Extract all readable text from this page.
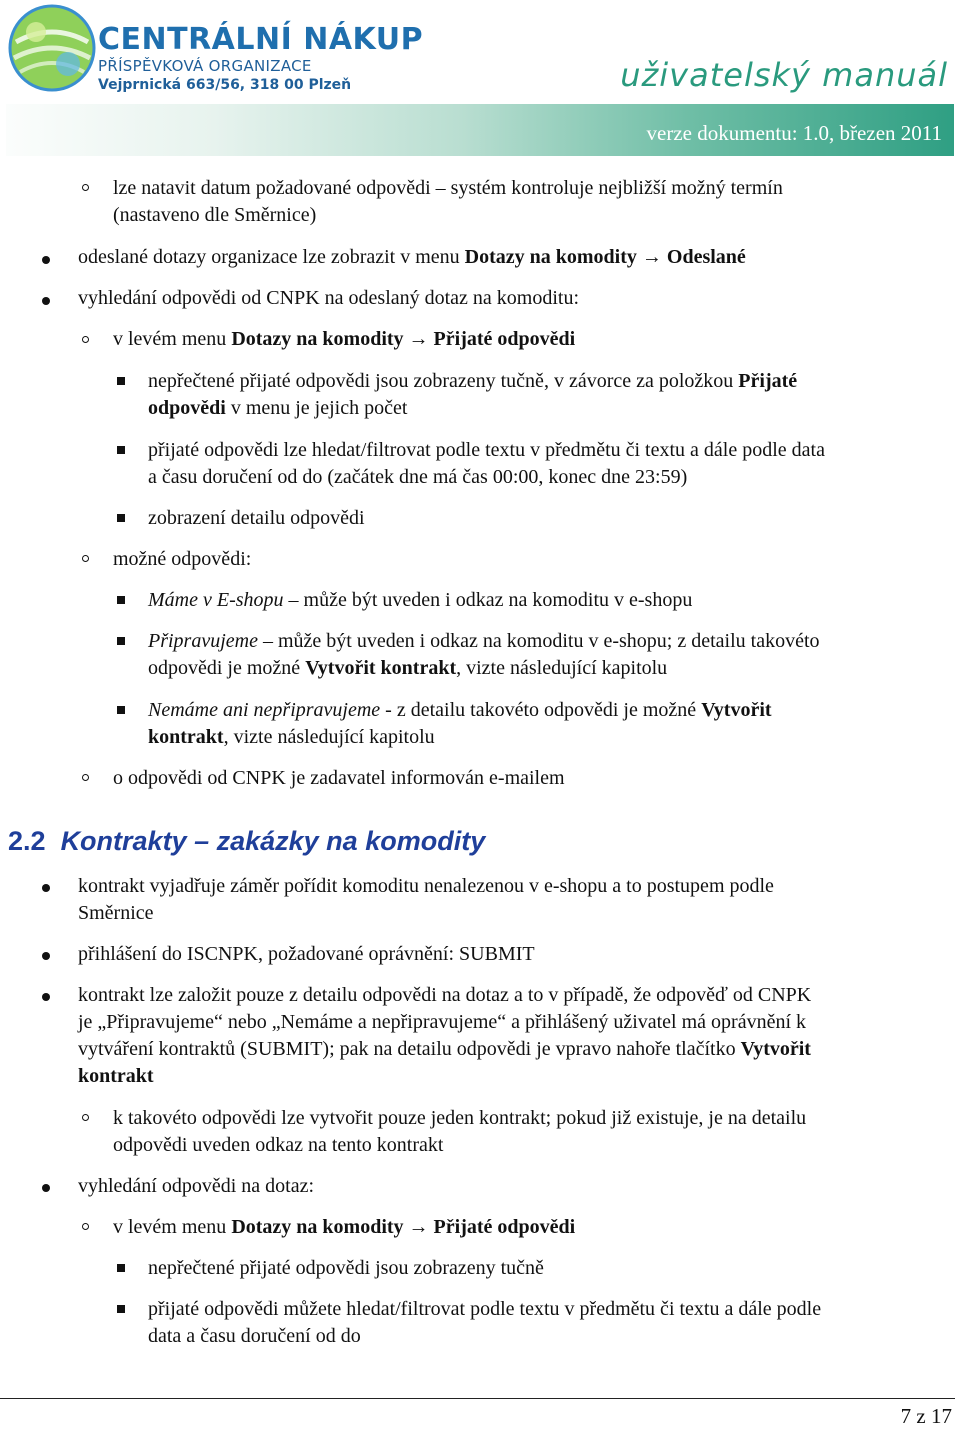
CENTRÁLNÍ NÁKUP
PŘÍSPĚVKOVÁ ORGANIZACE
Vejprnická 663/56, 318 00 Plzeň	uživatelský manuál
verze dokumentu: 1.0, březen 2011
lze natavit datum požadované odpovědi – systém kontroluje nejbližší možný termín
(nastaveno dle Směrnice)
odeslané dotazy organizace lze zobrazit v menu Dotazy na komodity → Odeslané
vyhledání odpovědi od CNPK na odeslaný dotaz na komoditu:
v levém menu Dotazy na komodity → Přijaté odpovědi
nepřečtené přijaté odpovědi jsou zobrazeny tučně, v závorce za položkou Přijaté
odpovědi v menu je jejich počet
přijaté odpovědi lze hledat/filtrovat podle textu v předmětu či textu a dále podle data
a času doručení od do (začátek dne má čas 00:00, konec dne 23:59)
zobrazení detailu odpovědi
možné odpovědi:
Máme v E-shopu – může být uveden i odkaz na komoditu v e-shopu
Připravujeme – může být uveden i odkaz na komoditu v e-shopu; z detailu takovéto
odpovědi je možné Vytvořit kontrakt, vizte následující kapitolu
Nemáme ani nepřipravujeme - z detailu takovéto odpovědi je možné Vytvořit
kontrakt, vizte následující kapitolu
o odpovědi od CNPK je zadavatel informován e-mailem
2.2 Kontrakty – zakázky na komodity
kontrakt vyjadřuje záměr pořídit komoditu nenalezenou v e-shopu a to postupem podle
Směrnice
přihlášení do ISCNPK, požadované oprávnění: SUBMIT
kontrakt lze založit pouze z detailu odpovědi na dotaz a to v případě, že odpověď od CNPK
je „Připravujeme“ nebo „Nemáme a nepřipravujeme“ a přihlášený uživatel má oprávnění k
vytváření kontraktů (SUBMIT); pak na detailu odpovědi je vpravo nahoře tlačítko Vytvořit
kontrakt
k takovéto odpovědi lze vytvořit pouze jeden kontrakt; pokud již existuje, je na detailu
odpovědi uveden odkaz na tento kontrakt
vyhledání odpovědi na dotaz:
v levém menu Dotazy na komodity → Přijaté odpovědi
nepřečtené přijaté odpovědi jsou zobrazeny tučně
přijaté odpovědi můžete hledat/filtrovat podle textu v předmětu či textu a dále podle
data a času doručení od do
7 z 17
